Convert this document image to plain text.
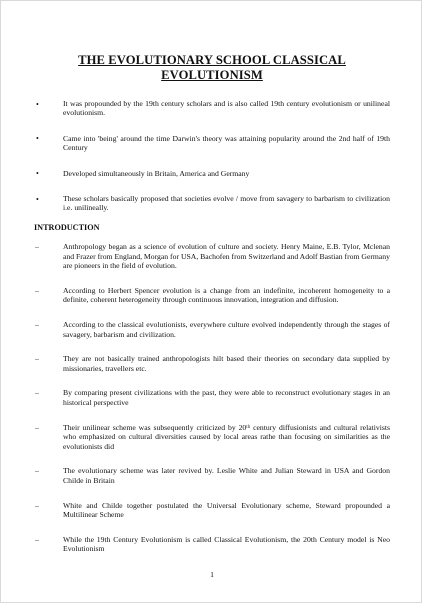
THE EVOLUTIONARY SCHOOL CLASSICAL EVOLUTIONISM
•	It was propounded by the 19th century scholars and is also called 19th century evolutionism or unilineal evolutionism.
•	Came into 'being' around the time Darwin's theory was attaining popularity around the 2nd half of 19th Century
•	Developed simultaneously in Britain, America and Germany
•	These scholars basically proposed that societies evolve / move from savagery to barbarism to civilization i.e. unilineally.
INTRODUCTION
–	Anthropology began as a science of evolution of culture and society. Henry Maine, E.B. Tylor, Mclenan and Frazer from England, Morgan for USA, Bachofen from Switzerland and Adolf Bastian from Germany are pioneers in the field of evolution.
–	According to Herbert Spencer evolution is a change from an indefinite, incoherent homogeneity to a definite, coherent heterogeneity through continuous innovation, integration and diffusion.
–	According to the classical evolutionists, everywhere culture evolved independently through the stages of savagery, barbarism and civilization.
–	They are not basically trained anthropologists hilt based their theories on secondary data supplied by missionaries, travellers etc.
–	By comparing present civilizations with the past, they were able to reconstruct evolutionary stages in an historical perspective
–	Their unilinear scheme was subsequently criticized by 20ᵗʰ century diffusionists and cultural relativists who emphasized on cultural diversities caused by local areas rathe than focusing on similarities as the evolutionists did
–	The evolutionary scheme was later revived by. Leslie White and Julian Steward in USA and Gordon Childe in Britain
–	White and Childe together postulated the Universal Evolutionary scheme, Steward propounded a Multilinear Scheme
–	While the 19th Century Evolutionism is called Classical Evolutionism, the 20th Century model is Neo Evolutionism
1
